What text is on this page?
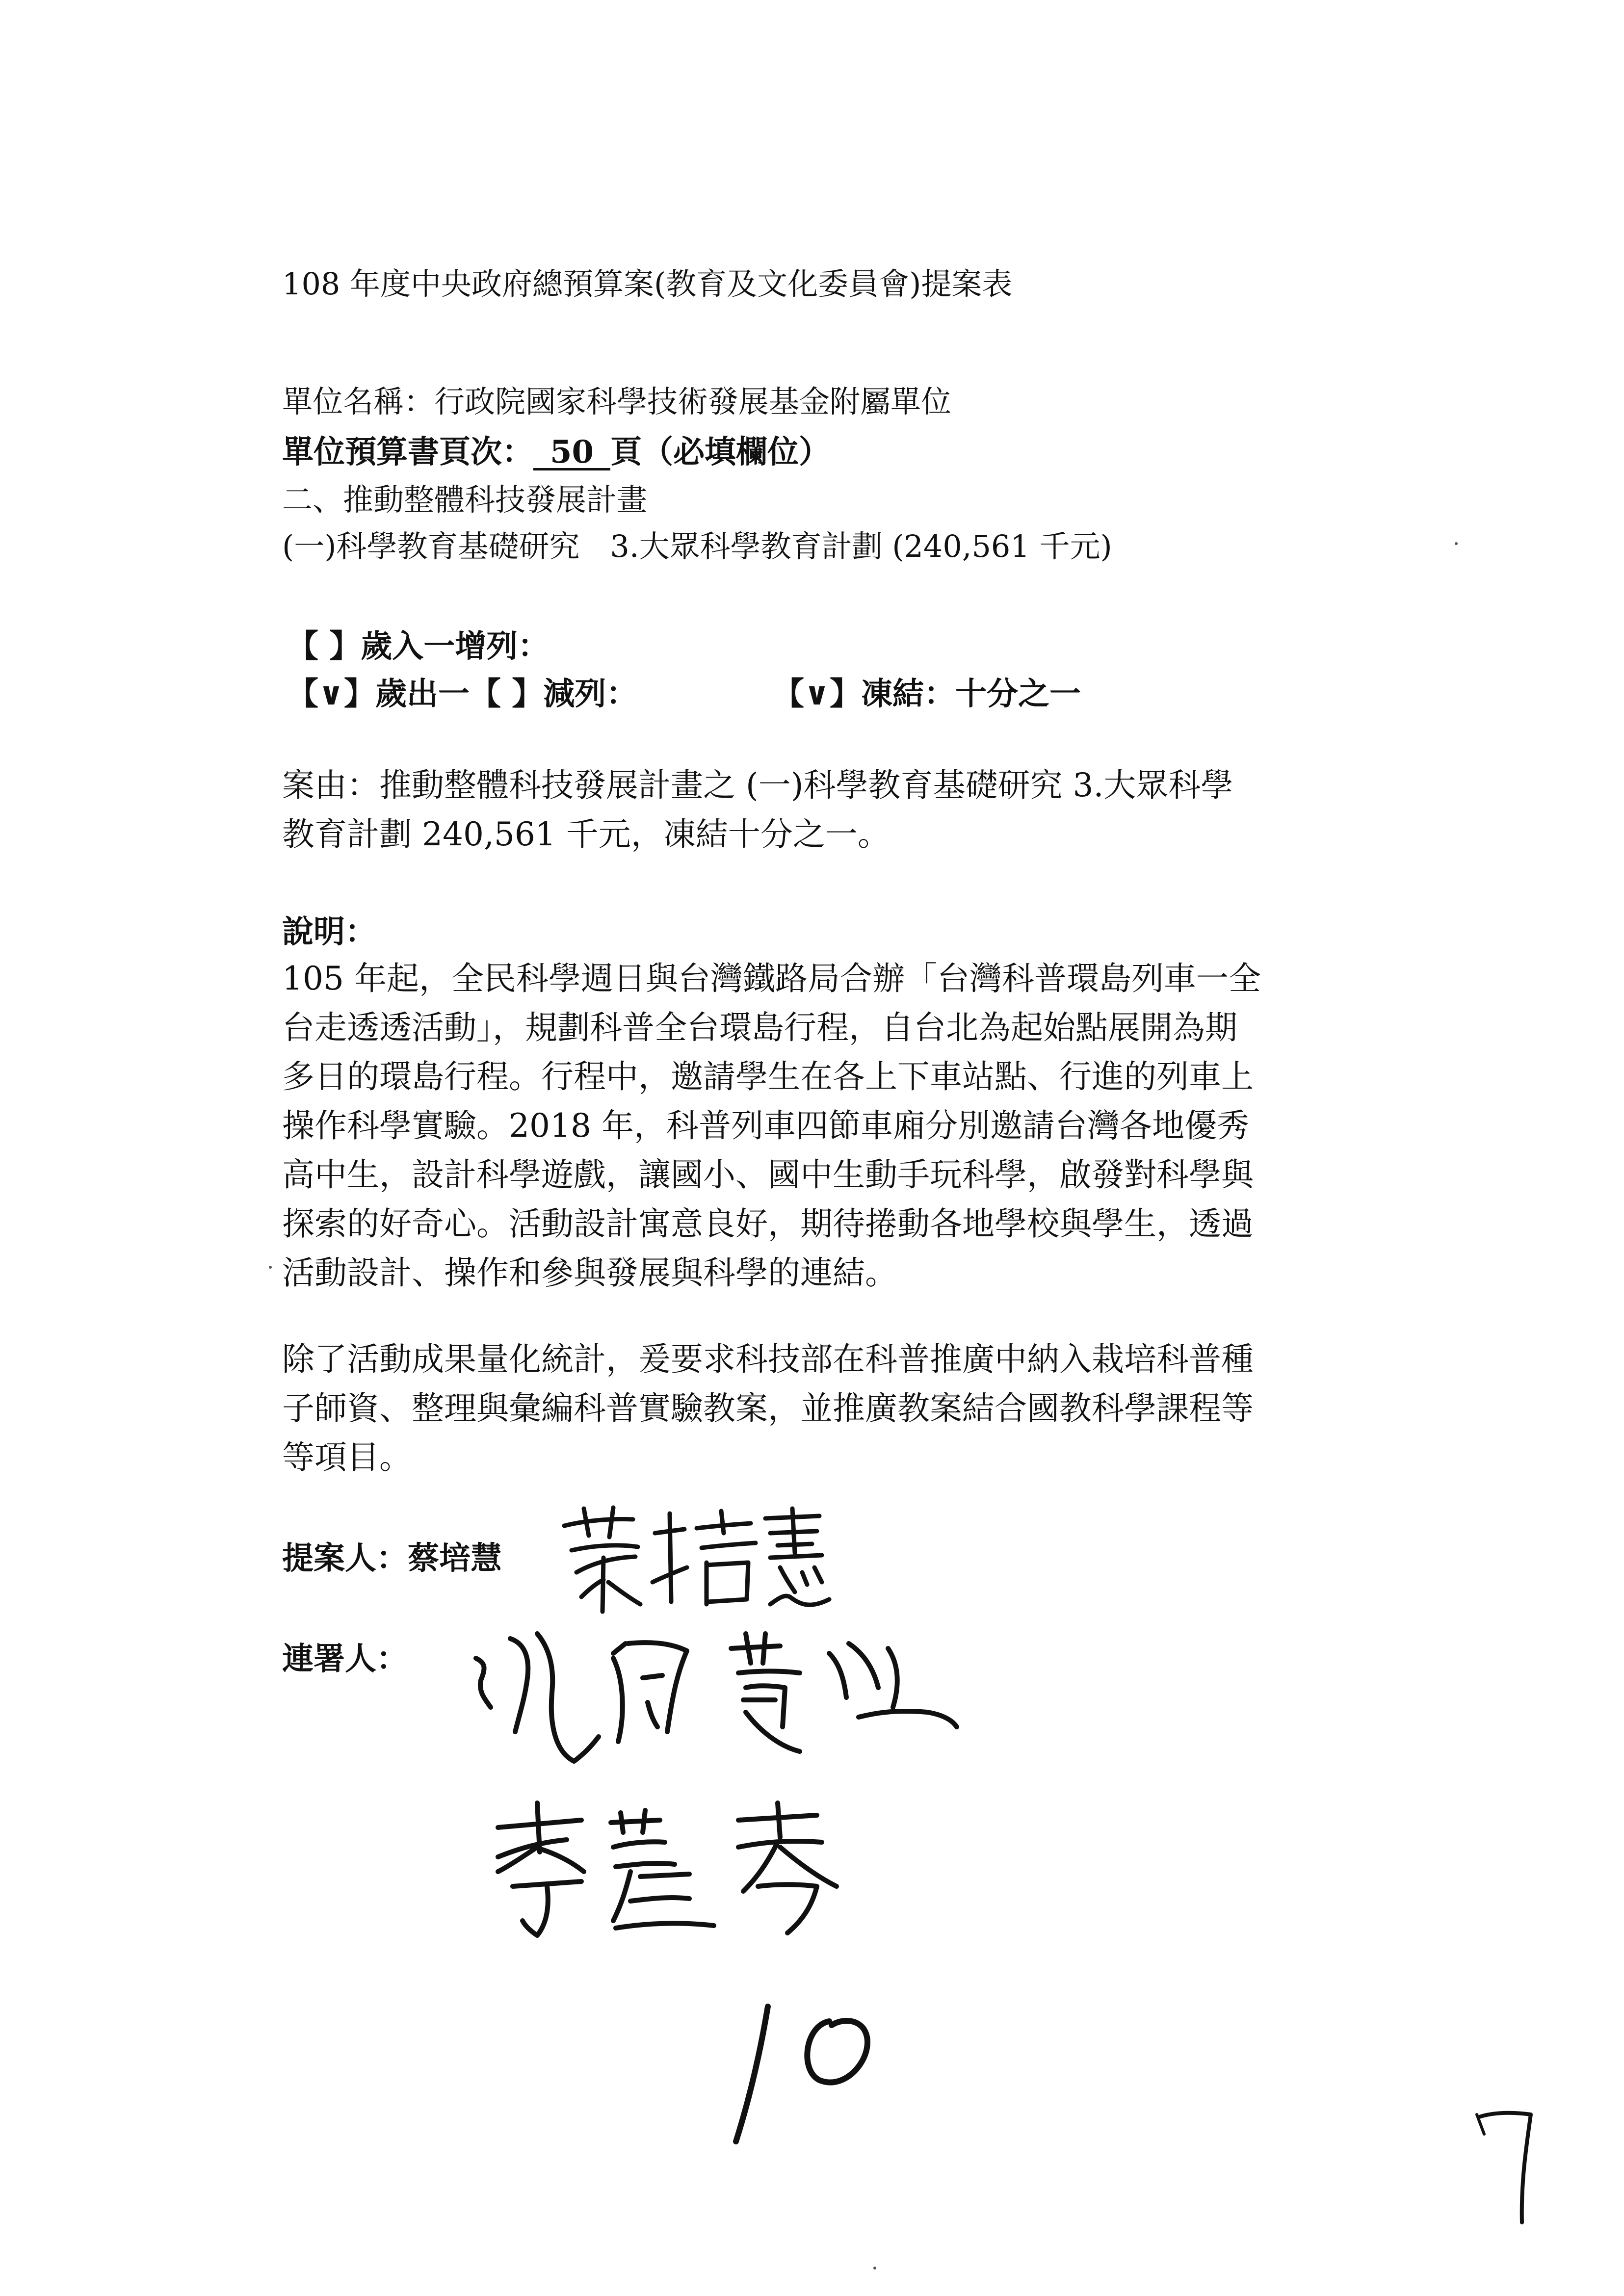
108 年度中央政府總預算案(教育及文化委員會)提案表
單位名稱：行政院國家科學技術發展基金附屬單位
單位預算書頁次： 50 頁（必填欄位）
二、推動整體科技發展計畫
(一)科學教育基礎研究　3.大眾科學教育計劃 (240,561 千元)
【 】歲入一增列：
【∨】歲出一【 】減列：	【∨】凍結：十分之一
案由：推動整體科技發展計畫之 (一)科學教育基礎研究 3.大眾科學
教育計劃 240,561 千元，凍結十分之一。
說明：
105 年起，全民科學週日與台灣鐵路局合辦「台灣科普環島列車一全
台走透透活動」，規劃科普全台環島行程，自台北為起始點展開為期
多日的環島行程。行程中，邀請學生在各上下車站點、行進的列車上
操作科學實驗。2018 年，科普列車四節車廂分別邀請台灣各地優秀
高中生，設計科學遊戲，讓國小、國中生動手玩科學，啟發對科學與
探索的好奇心。活動設計寓意良好，期待捲動各地學校與學生，透過
活動設計、操作和參與發展與科學的連結。
除了活動成果量化統計，爰要求科技部在科普推廣中納入栽培科普種
子師資、整理與彙編科普實驗教案，並推廣教案結合國教科學課程等
等項目。
提案人：蔡培慧
連署人：
